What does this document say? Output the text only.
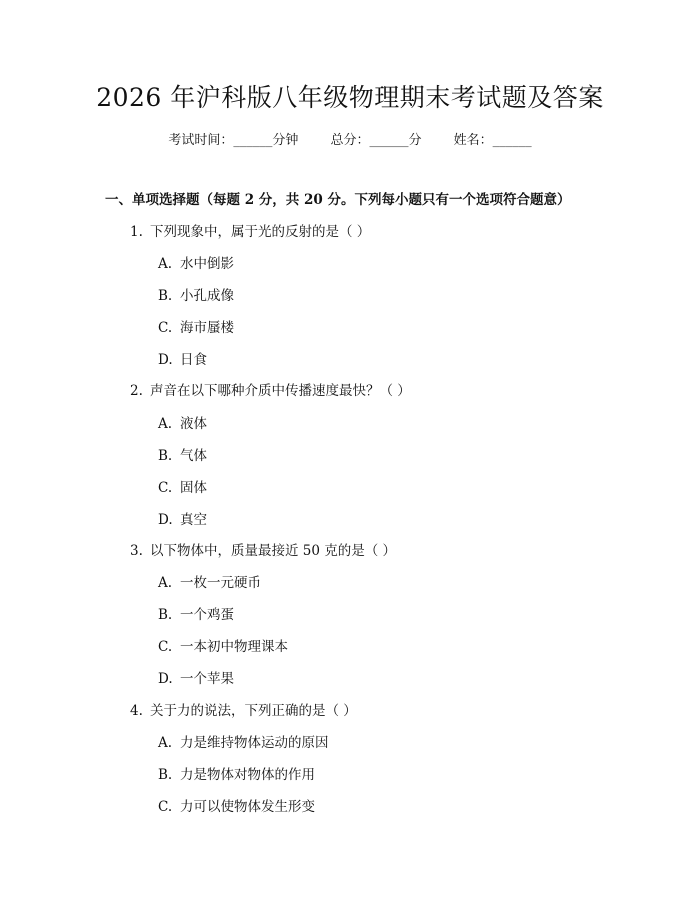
2026 年沪科版八年级物理期末考试题及答案
考试时间：______分钟 总分：______分 姓名：______
一、单项选择题（每题 2 分，共 20 分。下列每小题只有一个选项符合题意）
1. 下列现象中，属于光的反射的是（ ）
A. 水中倒影
B. 小孔成像
C. 海市蜃楼
D. 日食
2. 声音在以下哪种介质中传播速度最快？（ ）
A. 液体
B. 气体
C. 固体
D. 真空
3. 以下物体中，质量最接近 50 克的是（ ）
A. 一枚一元硬币
B. 一个鸡蛋
C. 一本初中物理课本
D. 一个苹果
4. 关于力的说法，下列正确的是（ ）
A. 力是维持物体运动的原因
B. 力是物体对物体的作用
C. 力可以使物体发生形变
